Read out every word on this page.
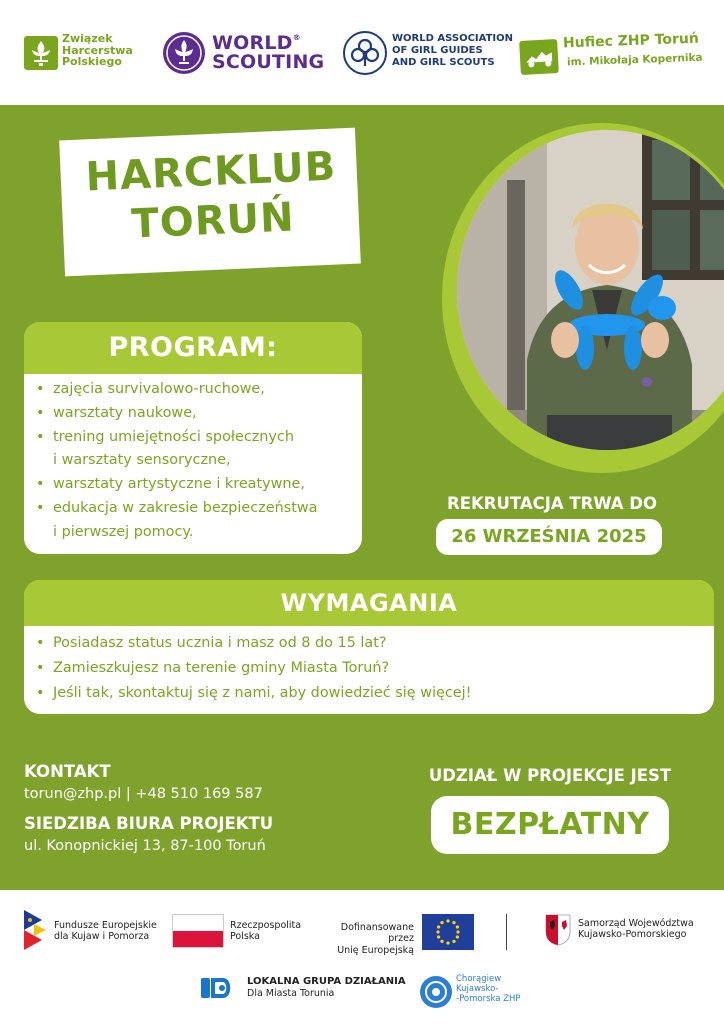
Związek
Harcerstwa
Polskiego
WORLD®
SCOUTING
WORLD ASSOCIATION
OF GIRL GUIDES
AND GIRL SCOUTS
Hufiec ZHP Toruń
im. Mikołaja Kopernika
HARCKLUB
TORUŃ
PROGRAM:
• zajęcia survivalowo-ruchowe,
• warsztaty naukowe,
• trening umiejętności społecznych
i warsztaty sensoryczne,
• warsztaty artystyczne i kreatywne,
• edukacja w zakresie bezpieczeństwa
i pierwszej pomocy.
REKRUTACJA TRWA DO
26 WRZEŚNIA 2025
WYMAGANIA
• Posiadasz status ucznia i masz od 8 do 15 lat?
• Zamieszkujesz na terenie gminy Miasta Toruń?
• Jeśli tak, skontaktuj się z nami, aby dowiedzieć się więcej!
KONTAKT
torun@zhp.pl | +48 510 169 587
SIEDZIBA BIURA PROJEKTU
ul. Konopnickiej 13, 87-100 Toruń
UDZIAŁ W PROJEKCJE JEST
BEZPŁATNY
Fundusze Europejskie
dla Kujaw i Pomorza
Rzeczpospolita
Polska
Dofinansowane przez
Unię Europejską
Samorząd Województwa
Kujawsko-Pomorskiego
LOKALNA GRUPA DZIAŁANIA
Dla Miasta Torunia
Chorągiew
Kujawsko-
-Pomorska ZHP
